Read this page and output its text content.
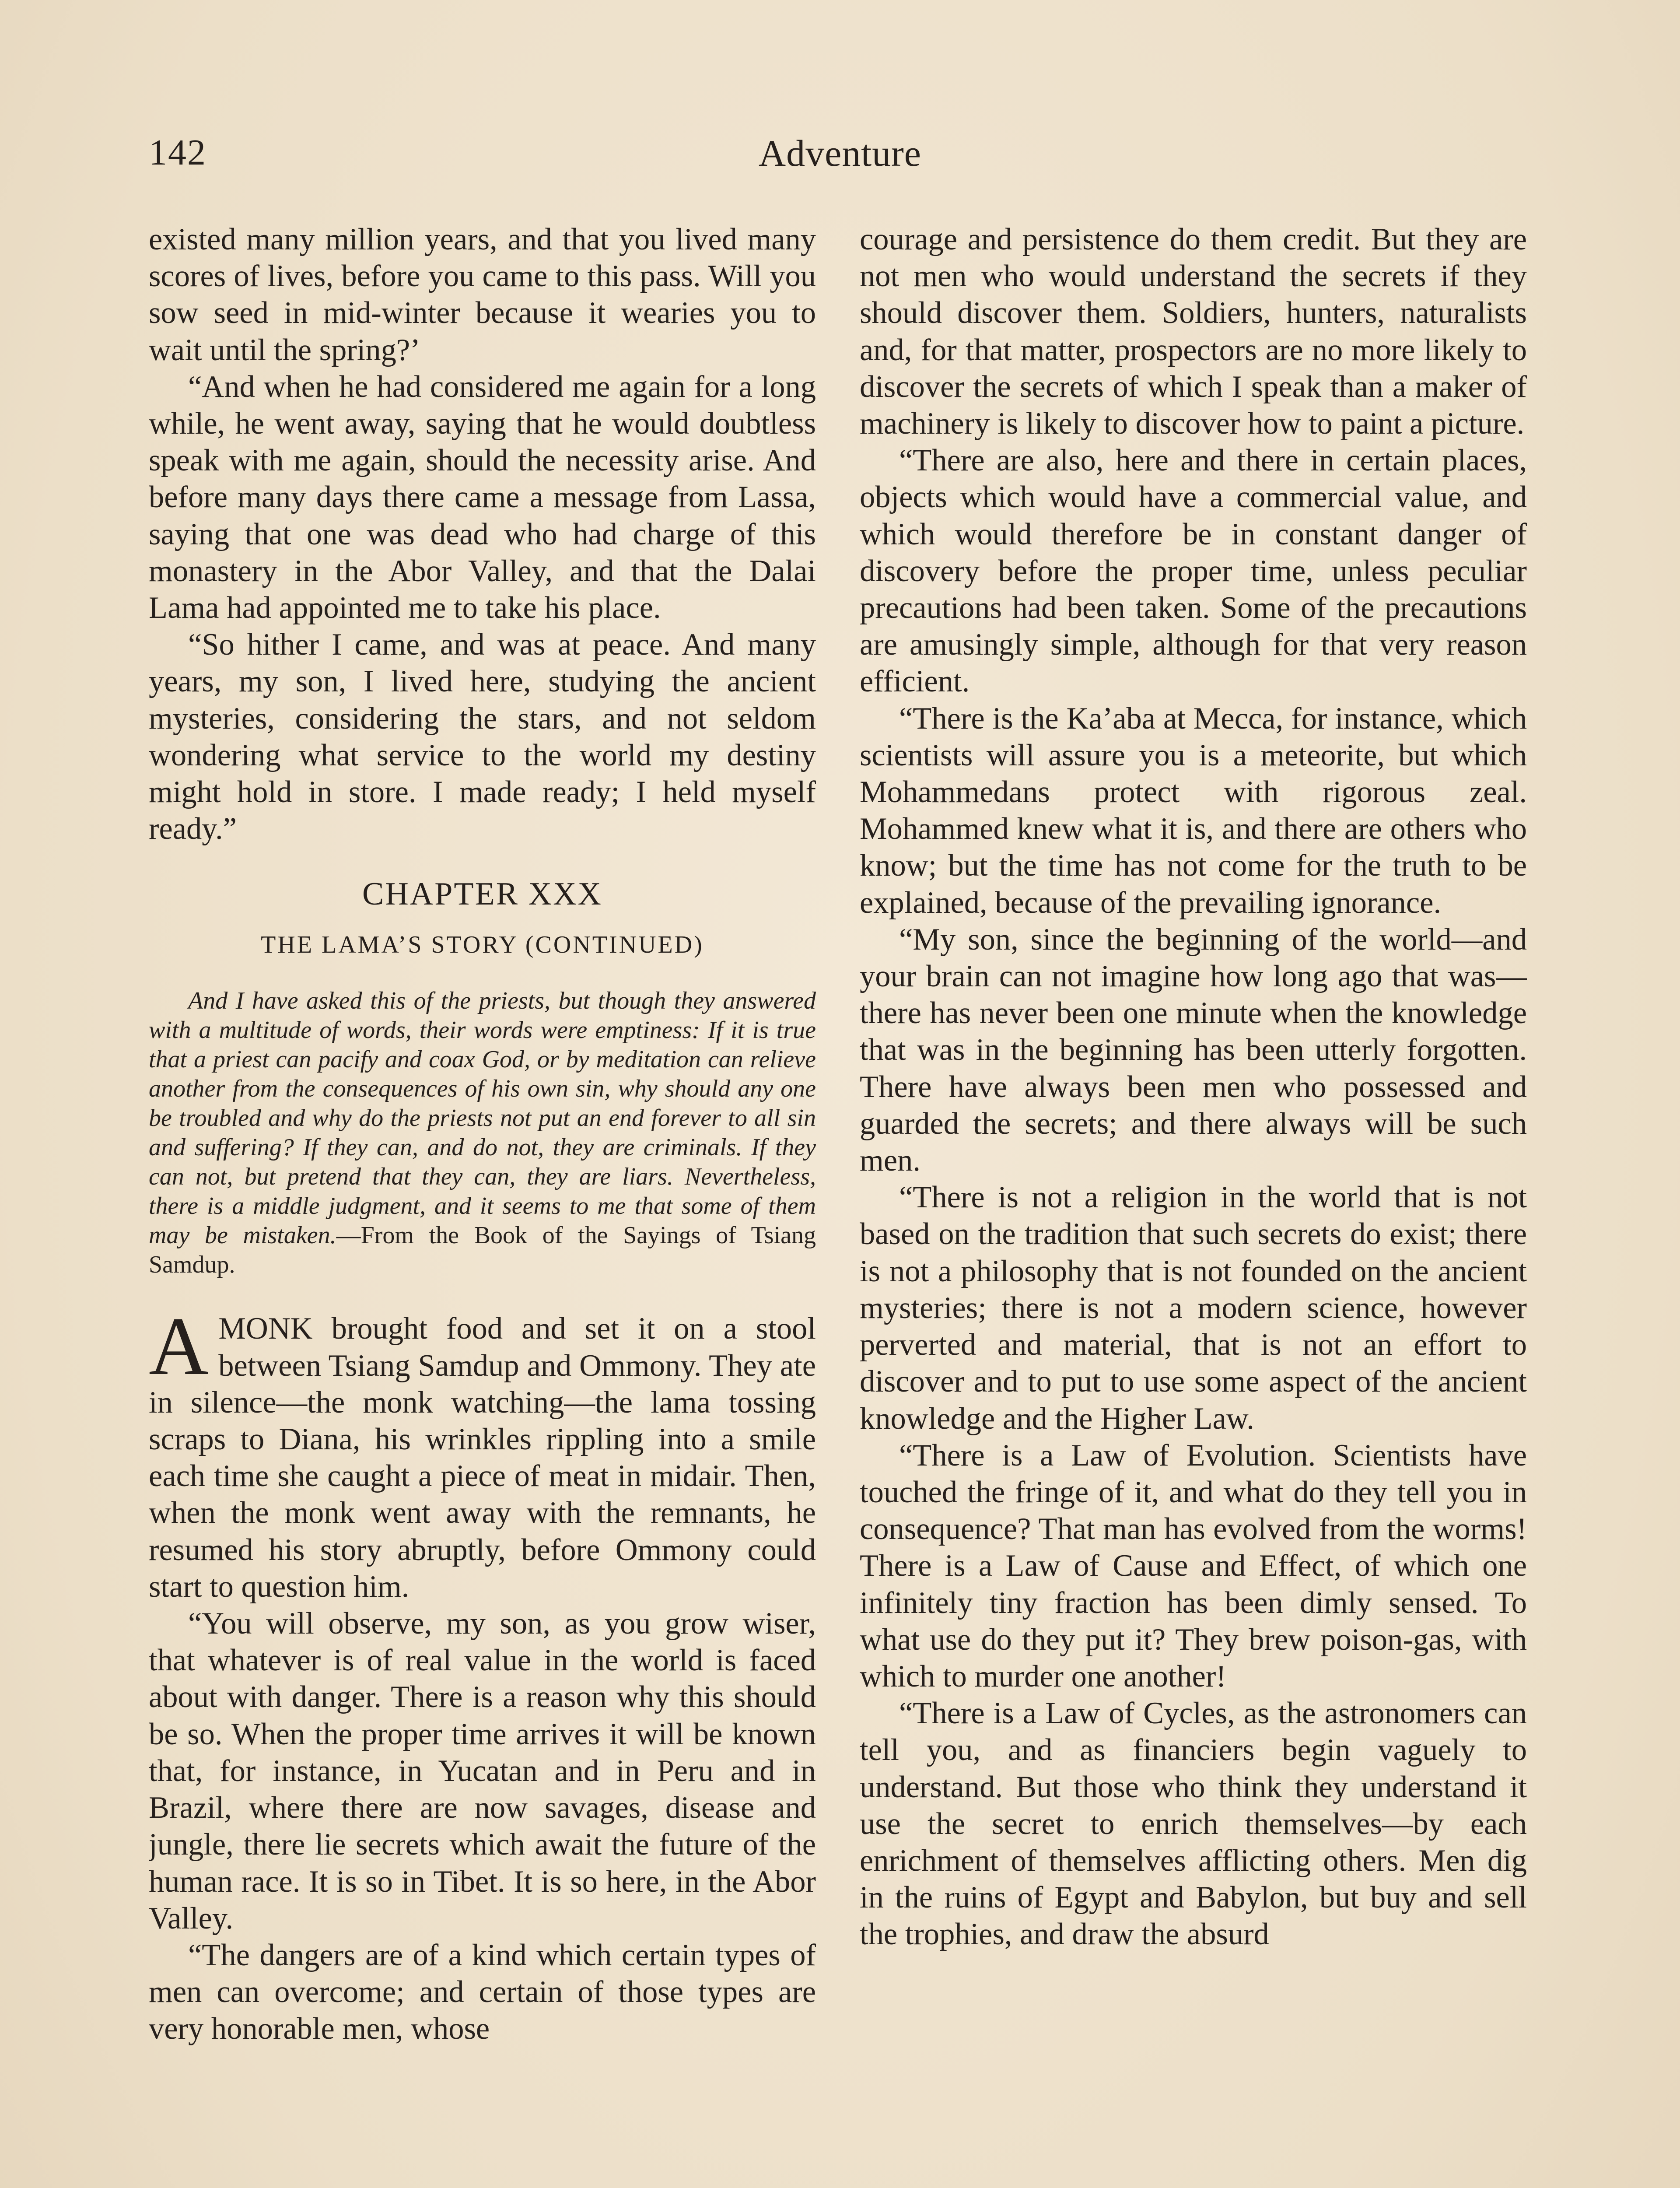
142	Adventure

existed many million years, and that you lived many scores of lives, before you came to this pass. Will you sow seed in mid-winter because it wearies you to wait until the spring?’

“And when he had considered me again for a long while, he went away, saying that he would doubtless speak with me again, should the necessity arise. And before many days there came a message from Lassa, saying that one was dead who had charge of this monastery in the Abor Valley, and that the Dalai Lama had appointed me to take his place.

“So hither I came, and was at peace. And many years, my son, I lived here, studying the ancient mysteries, considering the stars, and not seldom wondering what service to the world my destiny might hold in store. I made ready; I held myself ready.”

CHAPTER XXX
THE LAMA’S STORY (CONTINUED)
And I have asked this of the priests, but though they answered with a multitude of words, their words were emptiness: If it is true that a priest can pacify and coax God, or by meditation can relieve another from the consequences of his own sin, why should any one be troubled and why do the priests not put an end forever to all sin and suffering? If they can, and do not, they are criminals. If they can not, but pretend that they can, they are liars. Nevertheless, there is a middle judgment, and it seems to me that some of them may be mistaken.—From the Book of the Sayings of Tsiang Samdup.

A MONK brought food and set it on a stool between Tsiang Samdup and Ommony. They ate in silence—the monk watching—the lama tossing scraps to Diana, his wrinkles rippling into a smile each time she caught a piece of meat in midair. Then, when the monk went away with the remnants, he resumed his story abruptly, before Ommony could start to question him.

“You will observe, my son, as you grow wiser, that whatever is of real value in the world is faced about with danger. There is a reason why this should be so. When the proper time arrives it will be known that, for instance, in Yucatan and in Peru and in Brazil, where there are now savages, disease and jungle, there lie secrets which await the future of the human race. It is so in Tibet. It is so here, in the Abor Valley.

“The dangers are of a kind which certain types of men can overcome; and certain of those types are very honorable men, whose

courage and persistence do them credit. But they are not men who would understand the secrets if they should discover them. Soldiers, hunters, naturalists and, for that matter, prospectors are no more likely to discover the secrets of which I speak than a maker of machinery is likely to discover how to paint a picture.

“There are also, here and there in certain places, objects which would have a commercial value, and which would therefore be in constant danger of discovery before the proper time, unless peculiar precautions had been taken. Some of the precautions are amusingly simple, although for that very reason efficient.

“There is the Ka’aba at Mecca, for instance, which scientists will assure you is a meteorite, but which Mohammedans protect with rigorous zeal. Mohammed knew what it is, and there are others who know; but the time has not come for the truth to be explained, because of the prevailing ignorance.

“My son, since the beginning of the world—and your brain can not imagine how long ago that was—there has never been one minute when the knowledge that was in the beginning has been utterly forgotten. There have always been men who possessed and guarded the secrets; and there always will be such men.

“There is not a religion in the world that is not based on the tradition that such secrets do exist; there is not a philosophy that is not founded on the ancient mysteries; there is not a modern science, however perverted and material, that is not an effort to discover and to put to use some aspect of the ancient knowledge and the Higher Law.

“There is a Law of Evolution. Scientists have touched the fringe of it, and what do they tell you in consequence? That man has evolved from the worms! There is a Law of Cause and Effect, of which one infinitely tiny fraction has been dimly sensed. To what use do they put it? They brew poison-gas, with which to murder one another!

“There is a Law of Cycles, as the astronomers can tell you, and as financiers begin vaguely to understand. But those who think they understand it use the secret to enrich themselves—by each enrichment of themselves afflicting others. Men dig in the ruins of Egypt and Babylon, but buy and sell the trophies, and draw the absurd
